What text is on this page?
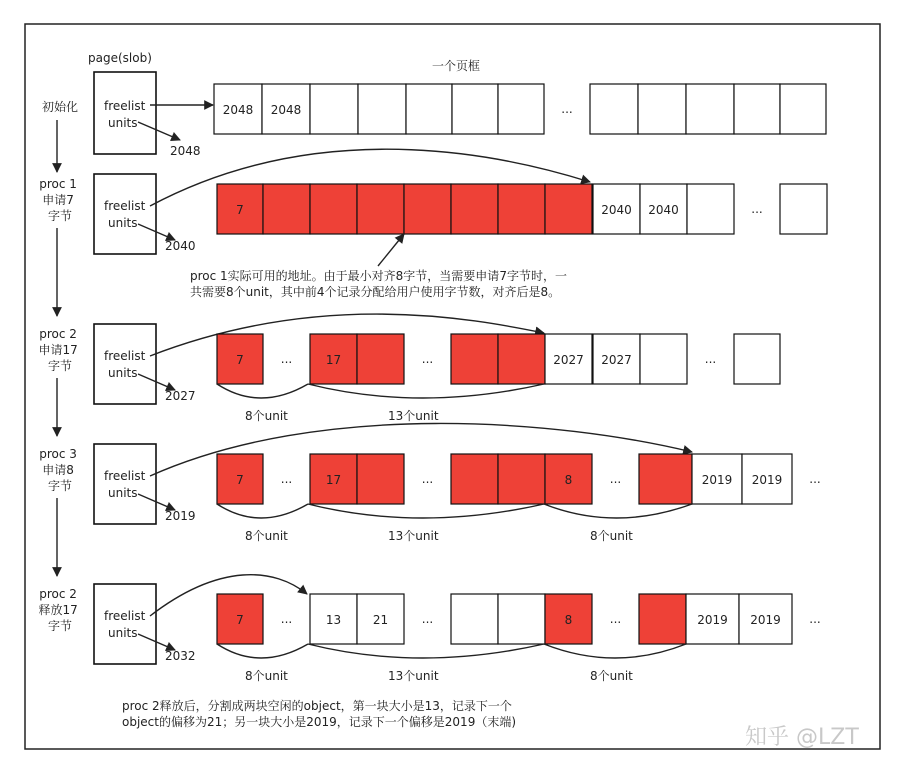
page(slob)
一个页框
初始化
proc 1 申请7 字节
proc 2 申请17 字节
proc 3 申请8 字节
proc 2 释放17 字节
freelist
units
2048
freelist
units
2040
freelist
units
2027
freelist
units
2019
freelist
units
2032
2048 2048	...
7	2040 2040	...
7	...	17	...	2027 2027	...
7	...	17	...	8	...	2019 2019 ...
7	...	13	21	...	8	...	2019 2019 ...
proc 1实际可用的地址。由于最小对齐8字节，当需要申请7字节时，一 共需要8个unit，其中前4个记录分配给用户使用字节数，对齐后是8。
8个unit	13个unit
8个unit	13个unit	8个unit
8个unit	13个unit	8个unit
proc 2释放后，分割成两块空闲的object，第一块大小是13，记录下一个 object的偏移为21；另一块大小是2019，记录下一个偏移是2019（末端)
知乎 @LZT
